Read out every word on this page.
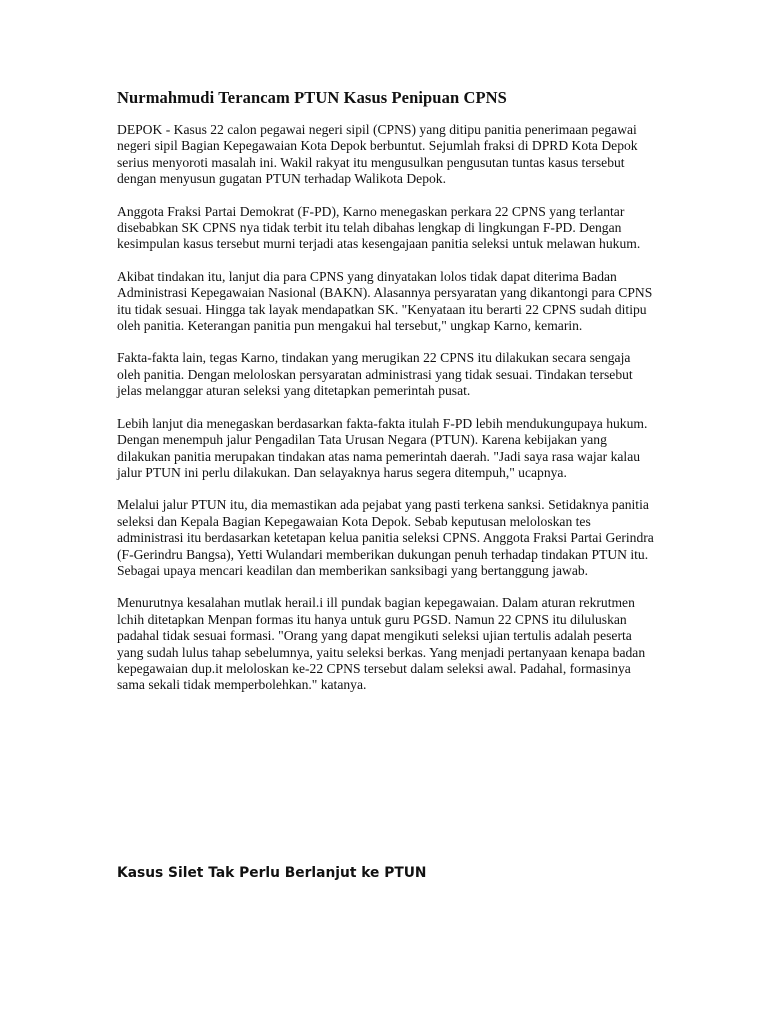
Nurmahmudi Terancam PTUN Kasus Penipuan CPNS

DEPOK - Kasus 22 calon pegawai negeri sipil (CPNS) yang ditipu panitia penerimaan pegawai negeri sipil Bagian Kepegawaian Kota Depok berbuntut. Sejumlah fraksi di DPRD Kota Depok serius menyoroti masalah ini. Wakil rakyat itu mengusulkan pengusutan tuntas kasus tersebut dengan menyusun gugatan PTUN terhadap Walikota Depok.

Anggota Fraksi Partai Demokrat (F-PD), Karno menegaskan perkara 22 CPNS yang terlantar disebabkan SK CPNS nya tidak terbit itu telah dibahas lengkap di lingkungan F-PD. Dengan kesimpulan kasus tersebut murni terjadi atas kesengajaan panitia seleksi untuk melawan hukum.

Akibat tindakan itu, lanjut dia para CPNS yang dinyatakan lolos tidak dapat diterima Badan Administrasi Kepegawaian Nasional (BAKN). Alasannya persyaratan yang dikantongi para CPNS itu tidak sesuai. Hingga tak layak mendapatkan SK. "Kenyataan itu berarti 22 CPNS sudah ditipu oleh panitia. Keterangan panitia pun mengakui hal tersebut," ungkap Karno, kemarin.

Fakta-fakta lain, tegas Karno, tindakan yang merugikan 22 CPNS itu dilakukan secara sengaja oleh panitia. Dengan meloloskan persyaratan administrasi yang tidak sesuai. Tindakan tersebut jelas melanggar aturan seleksi yang ditetapkan pemerintah pusat.

Lebih lanjut dia menegaskan berdasarkan fakta-fakta itulah F-PD lebih mendukungupaya hukum. Dengan menempuh jalur Pengadilan Tata Urusan Negara (PTUN). Karena kebijakan yang dilakukan panitia merupakan tindakan atas nama pemerintah daerah. "Jadi saya rasa wajar kalau jalur PTUN ini perlu dilakukan. Dan selayaknya harus segera ditempuh," ucapnya.

Melalui jalur PTUN itu, dia memastikan ada pejabat yang pasti terkena sanksi. Setidaknya panitia seleksi dan Kepala Bagian Kepegawaian Kota Depok. Sebab keputusan meloloskan tes administrasi itu berdasarkan ketetapan kelua panitia seleksi CPNS. Anggota Fraksi Partai Gerindra (F-Gerindru Bangsa), Yetti Wulandari memberikan dukungan penuh terhadap tindakan PTUN itu. Sebagai upaya mencari keadilan dan memberikan sanksibagi yang bertanggung jawab.

Menurutnya kesalahan mutlak herail.i ill pundak bagian kepegawaian. Dalam aturan rekrutmen lchih ditetapkan Menpan formas itu hanya untuk guru PGSD. Namun 22 CPNS itu diluluskan padahal tidak sesuai formasi. "Orang yang dapat mengikuti seleksi ujian tertulis adalah peserta yang sudah lulus tahap sebelumnya, yaitu seleksi berkas. Yang menjadi pertanyaan kenapa badan kepegawaian dup.it meloloskan ke-22 CPNS tersebut dalam seleksi awal. Padahal, formasinya sama sekali tidak memperbolehkan." katanya.

Kasus Silet Tak Perlu Berlanjut ke PTUN
